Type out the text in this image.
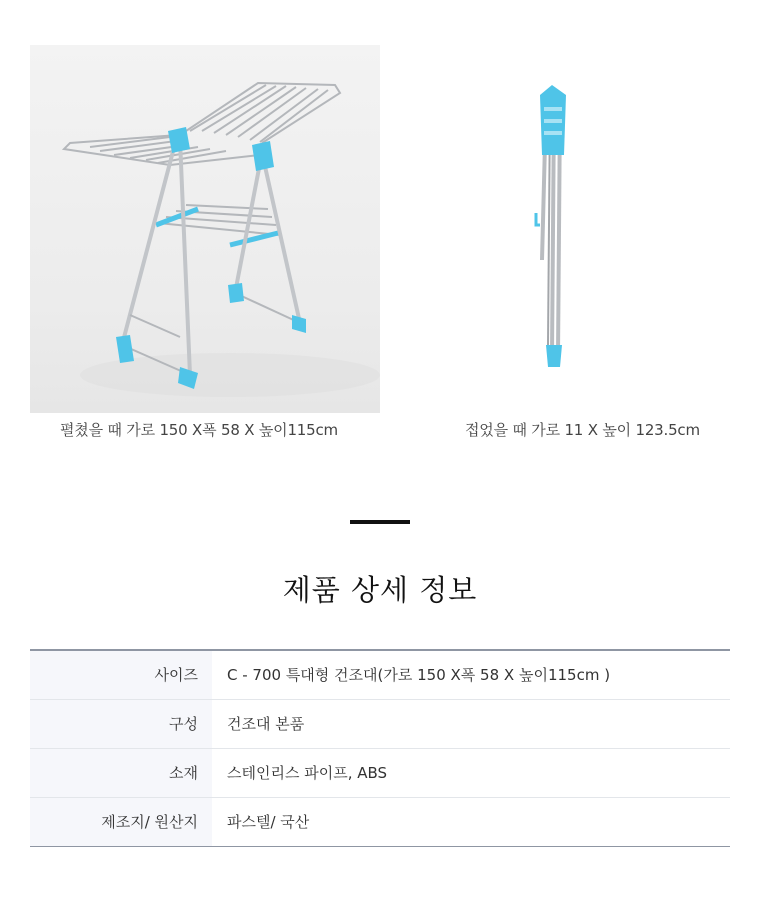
펼쳤을 때 가로 150 X폭 58 X 높이115cm	접었을 때 가로 11 X 높이 123.5cm
제품 상세 정보
사이즈	C - 700 특대형 건조대(가로 150 X폭 58 X 높이115cm )
구성	건조대 본품
소재	스테인리스 파이프, ABS
제조지/ 원산지	파스텔/ 국산
